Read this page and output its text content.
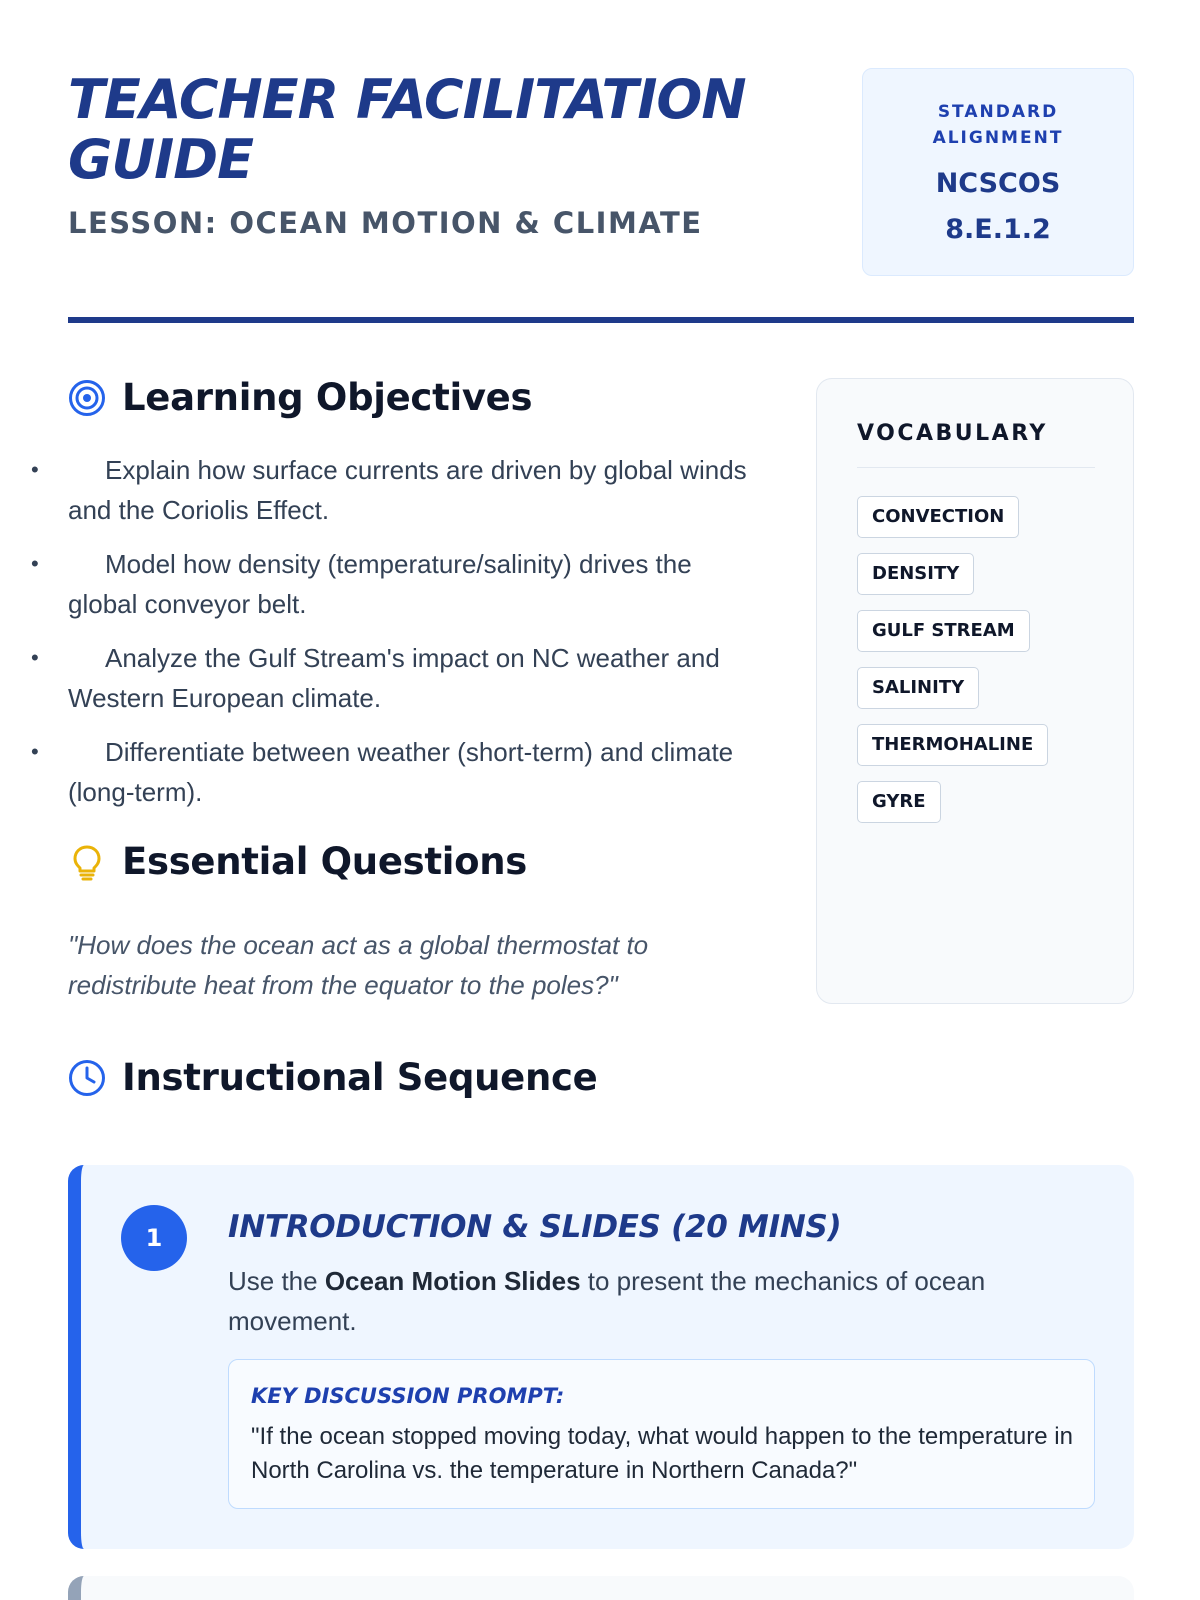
TEACHER FACILITATION GUIDE
LESSON: OCEAN MOTION & CLIMATE
STANDARD ALIGNMENT
NCSCOS 8.E.1.2
Learning Objectives
• Explain how surface currents are driven by global winds and the Coriolis Effect.
• Model how density (temperature/salinity) drives the global conveyor belt.
• Analyze the Gulf Stream's impact on NC weather and Western European climate.
• Differentiate between weather (short-term) and climate (long-term).
Essential Questions

"How does the ocean act as a global thermostat to redistribute heat from the equator to the poles?"

VOCABULARY
CONVECTION
DENSITY
GULF STREAM
SALINITY
THERMOHALINE
GYRE
Instructional Sequence
1	INTRODUCTION & SLIDES (20 MINS)

Use the Ocean Motion Slides to present the mechanics of ocean movement.

KEY DISCUSSION PROMPT:
"If the ocean stopped moving today, what would happen to the temperature in North Carolina vs. the temperature in Northern Canada?"
